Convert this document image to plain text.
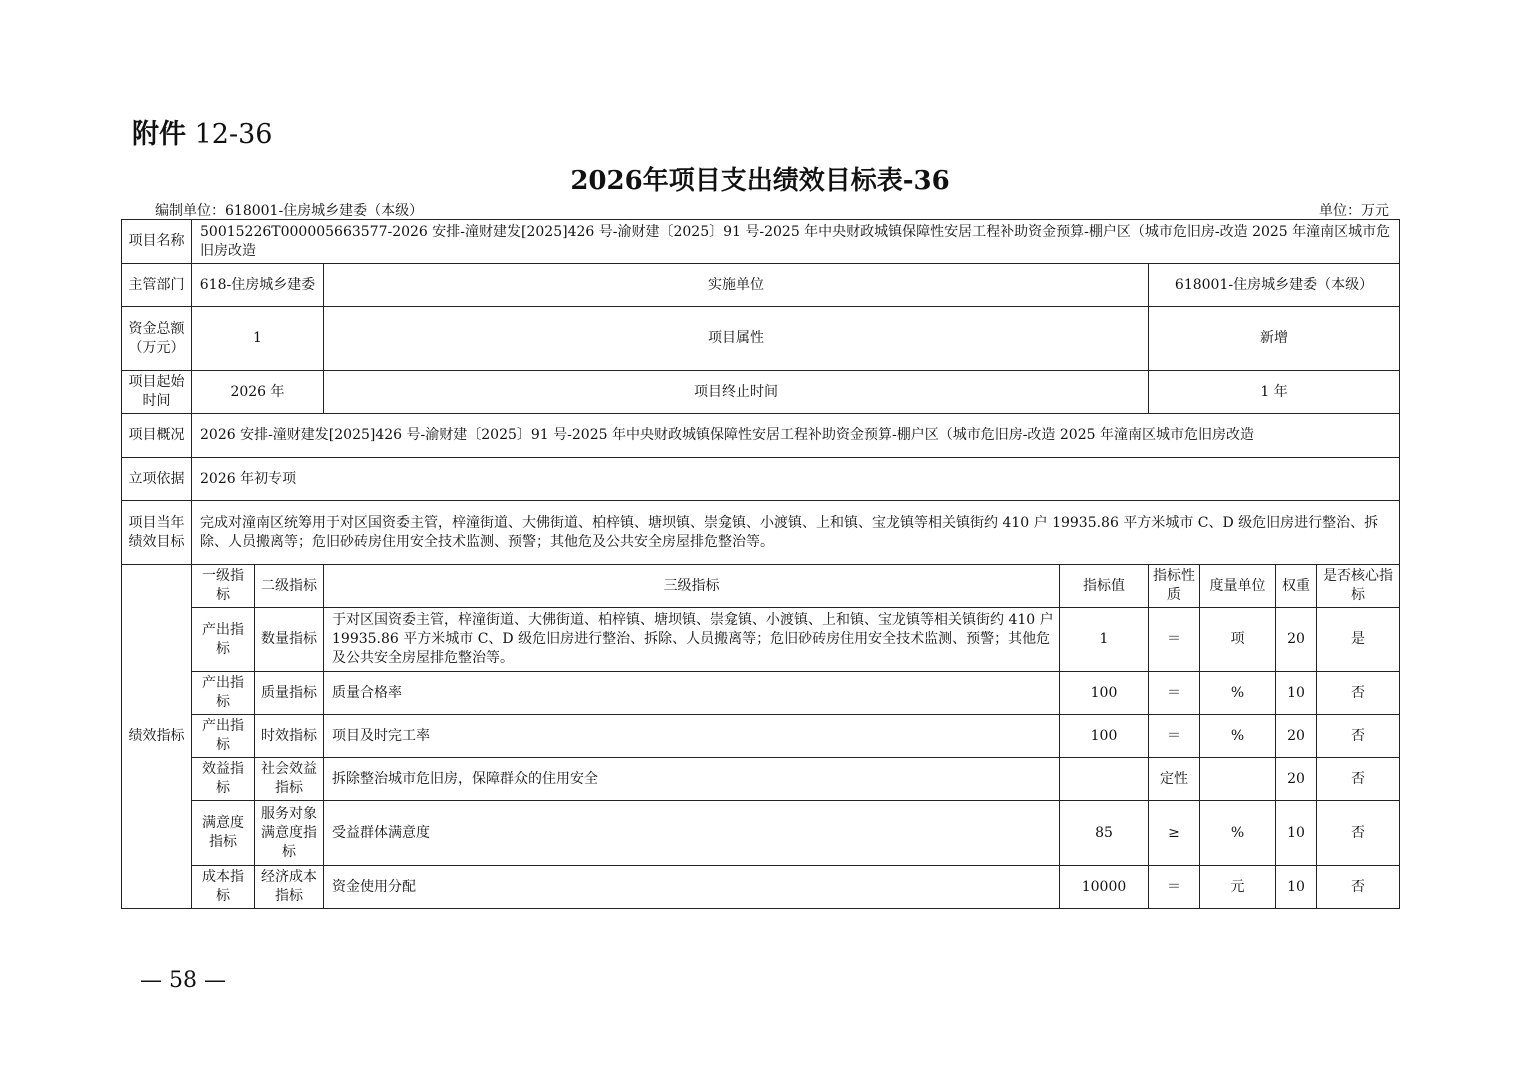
附件 12-36
2026年项目支出绩效目标表-36
编制单位：618001-住房城乡建委（本级）	单位：万元
项目名称	50015226T000005663577-2026 安排-潼财建发[2025]426 号-渝财建〔2025〕91 号-2025 年中央财政城镇保障性安居工程补助资金预算-棚户区（城市危旧房-改造 2025 年潼南区城市危旧房改造							
主管部门	618-住房城乡建委		实施单位		618001-住房城乡建委（本级）			
资金总额（万元）	1		项目属性		新增			
项目起始时间	2026 年		项目终止时间		1 年			
项目概况	2026 安排-潼财建发[2025]426 号-渝财建〔2025〕91 号-2025 年中央财政城镇保障性安居工程补助资金预算-棚户区（城市危旧房-改造 2025 年潼南区城市危旧房改造							
立项依据	2026 年初专项							
项目当年绩效目标	完成对潼南区统筹用于对区国资委主管，梓潼街道、大佛街道、柏梓镇、塘坝镇、崇龛镇、小渡镇、上和镇、宝龙镇等相关镇街约 410 户 19935.86 平方米城市 C、D 级危旧房进行整治、拆除、人员搬离等；危旧砂砖房住用安全技术监测、预警；其他危及公共安全房屋排危整治等。							
绩效指标	一级指标	二级指标	三级指标	指标值	指标性质	度量单位	权重	是否核心指标
	产出指标	数量指标	于对区国资委主管，梓潼街道、大佛街道、柏梓镇、塘坝镇、崇龛镇、小渡镇、上和镇、宝龙镇等相关镇街约 410 户 19935.86 平方米城市 C、D 级危旧房进行整治、拆除、人员搬离等；危旧砂砖房住用安全技术监测、预警；其他危及公共安全房屋排危整治等。	1	＝	项	20	是
	产出指标	质量指标	质量合格率	100	＝	%	10	否
	产出指标	时效指标	项目及时完工率	100	＝	%	20	否
	效益指标	社会效益指标	拆除整治城市危旧房，保障群众的住用安全		定性		20	否
	满意度指标	服务对象满意度指标	受益群体满意度	85	≥	%	10	否
	成本指标	经济成本指标	资金使用分配	10000	＝	元	10	否
— 58 —
